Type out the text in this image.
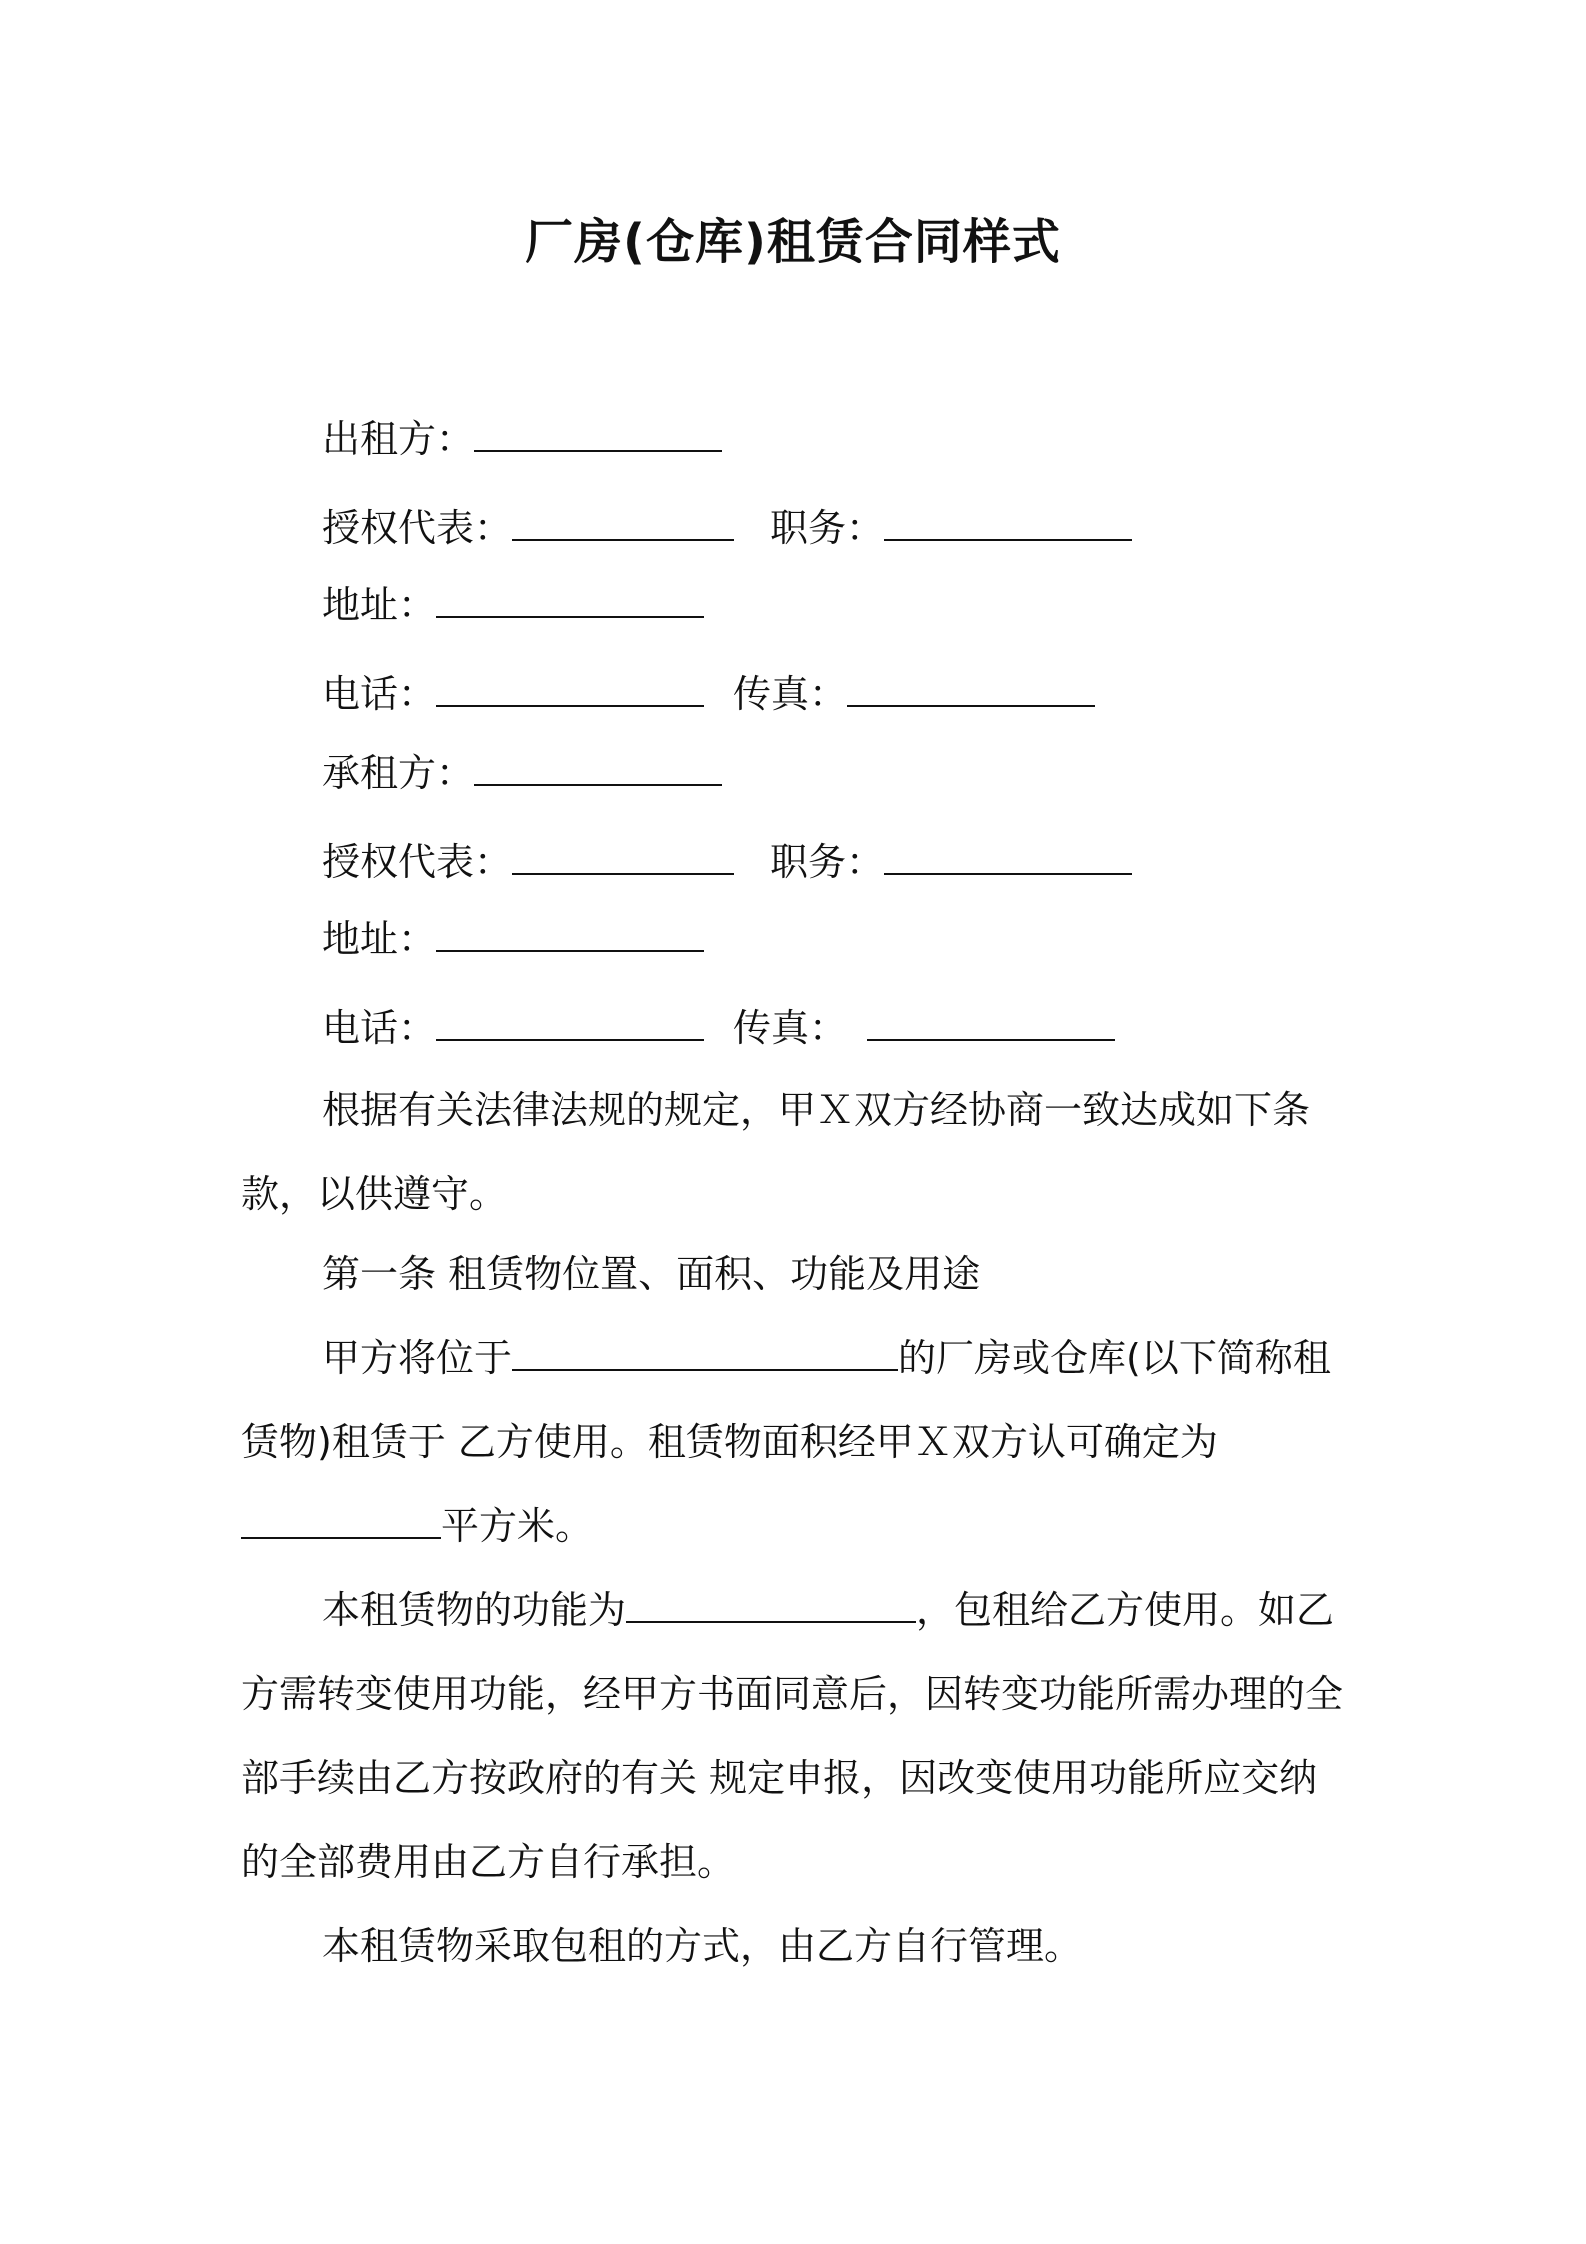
厂房(仓库)租赁合同样式
出租方：
授权代表：	职务：
地址：
电话：	传真：
承租方：
授权代表：	职务：
地址：
电话：	传真：
根据有关法律法规的规定，甲Ｘ双方经协商一致达成如下条款，以供遵守。
第一条 租赁物位置、面积、功能及用途
甲方将位于	的厂房或仓库(以下简称租赁物)租赁于 乙方使用。租赁物面积经甲Ｘ双方认可确定为平方米。
本租赁物的功能为	，包租给乙方使用。如乙方需转变使用功能，经甲方书面同意后，因转变功能所需办理的全部手续由乙方按政府的有关 规定申报，因改变使用功能所应交纳的全部费用由乙方自行承担。
本租赁物采取包租的方式，由乙方自行管理。
